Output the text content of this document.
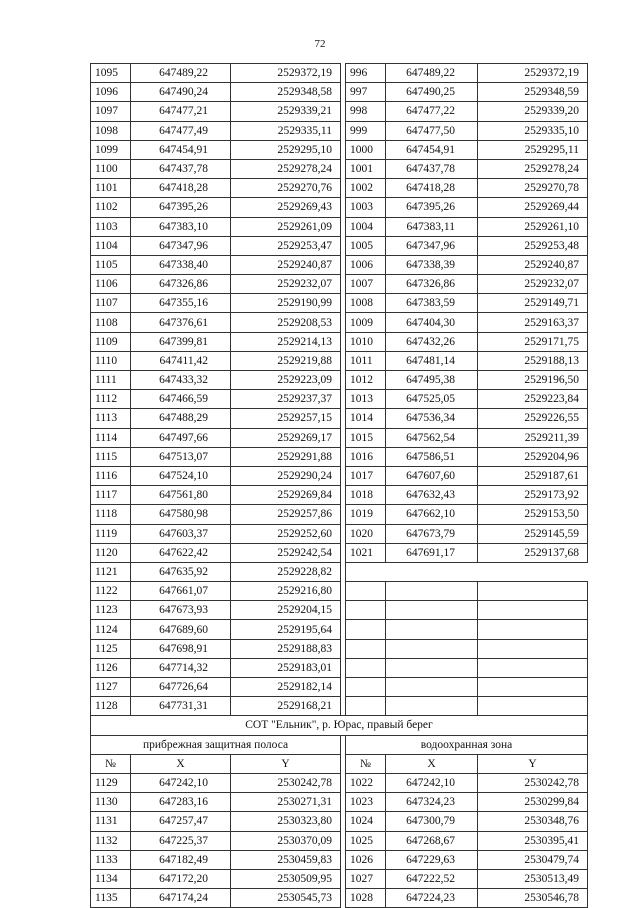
72
1095	647489,22	2529372,19		996	647489,22	2529372,19
1096	647490,24	2529348,58		997	647490,25	2529348,59
1097	647477,21	2529339,21		998	647477,22	2529339,20
1098	647477,49	2529335,11		999	647477,50	2529335,10
1099	647454,91	2529295,10		1000	647454,91	2529295,11
1100	647437,78	2529278,24		1001	647437,78	2529278,24
1101	647418,28	2529270,76		1002	647418,28	2529270,78
1102	647395,26	2529269,43		1003	647395,26	2529269,44
1103	647383,10	2529261,09		1004	647383,11	2529261,10
1104	647347,96	2529253,47		1005	647347,96	2529253,48
1105	647338,40	2529240,87		1006	647338,39	2529240,87
1106	647326,86	2529232,07		1007	647326,86	2529232,07
1107	647355,16	2529190,99		1008	647383,59	2529149,71
1108	647376,61	2529208,53		1009	647404,30	2529163,37
1109	647399,81	2529214,13		1010	647432,26	2529171,75
1110	647411,42	2529219,88		1011	647481,14	2529188,13
1111	647433,32	2529223,09		1012	647495,38	2529196,50
1112	647466,59	2529237,37		1013	647525,05	2529223,84
1113	647488,29	2529257,15		1014	647536,34	2529226,55
1114	647497,66	2529269,17		1015	647562,54	2529211,39
1115	647513,07	2529291,88		1016	647586,51	2529204,96
1116	647524,10	2529290,24		1017	647607,60	2529187,61
1117	647561,80	2529269,84		1018	647632,43	2529173,92
1118	647580,98	2529257,86		1019	647662,10	2529153,50
1119	647603,37	2529252,60		1020	647673,79	2529145,59
1120	647622,42	2529242,54		1021	647691,17	2529137,68
1121	647635,92	2529228,82				
1122	647661,07	2529216,80				
1123	647673,93	2529204,15				
1124	647689,60	2529195,64				
1125	647698,91	2529188,83				
1126	647714,32	2529183,01				
1127	647726,64	2529182,14				
1128	647731,31	2529168,21				
СОТ "Ельник", р. Юрас, правый берег						
прибрежная защитная полоса				водоохранная зона		
№	X	Y		№	X	Y
1129	647242,10	2530242,78		1022	647242,10	2530242,78
1130	647283,16	2530271,31		1023	647324,23	2530299,84
1131	647257,47	2530323,80		1024	647300,79	2530348,76
1132	647225,37	2530370,09		1025	647268,67	2530395,41
1133	647182,49	2530459,83		1026	647229,63	2530479,74
1134	647172,20	2530509,95		1027	647222,52	2530513,49
1135	647174,24	2530545,73		1028	647224,23	2530546,78
